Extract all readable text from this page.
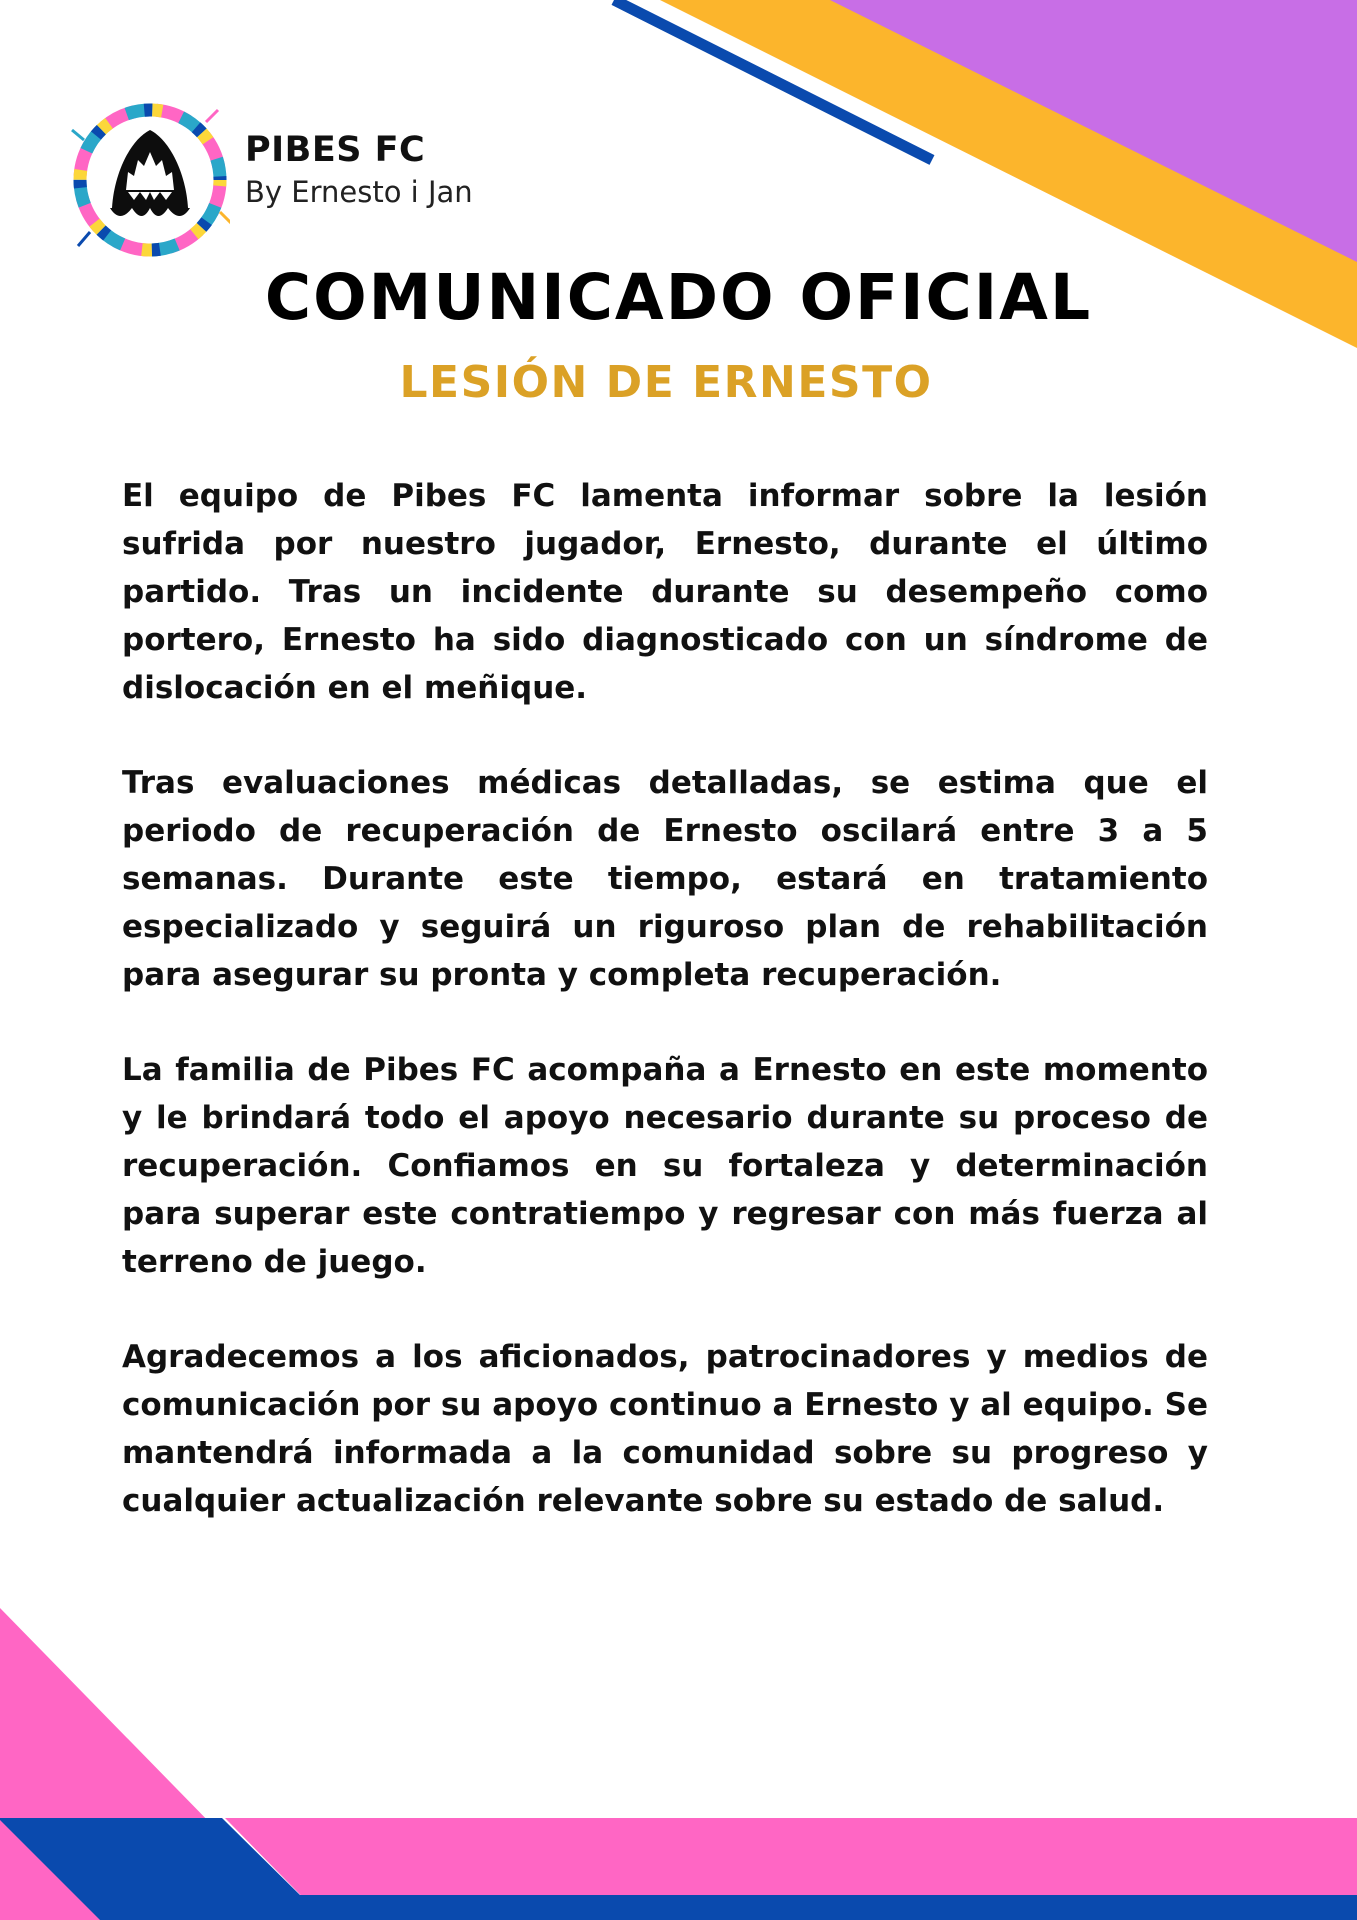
PIBES FC
By Ernesto i Jan
COMUNICADO OFICIAL
LESIÓN DE ERNESTO

El equipo de Pibes FC lamenta informar sobre la lesión sufrida por nuestro jugador, Ernesto, durante el último partido. Tras un incidente durante su desempeño como portero, Ernesto ha sido diagnosticado con un síndrome de dislocación en el meñique.

Tras evaluaciones médicas detalladas, se estima que el periodo de recuperación de Ernesto oscilará entre 3 a 5 semanas. Durante este tiempo, estará en tratamiento especializado y seguirá un riguroso plan de rehabilitación para asegurar su pronta y completa recuperación.

La familia de Pibes FC acompaña a Ernesto en este momento y le brindará todo el apoyo necesario durante su proceso de recuperación. Confiamos en su fortaleza y determinación para superar este contratiempo y regresar con más fuerza al terreno de juego.

Agradecemos a los aficionados, patrocinadores y medios de comunicación por su apoyo continuo a Ernesto y al equipo. Se mantendrá informada a la comunidad sobre su progreso y cualquier actualización relevante sobre su estado de salud.
